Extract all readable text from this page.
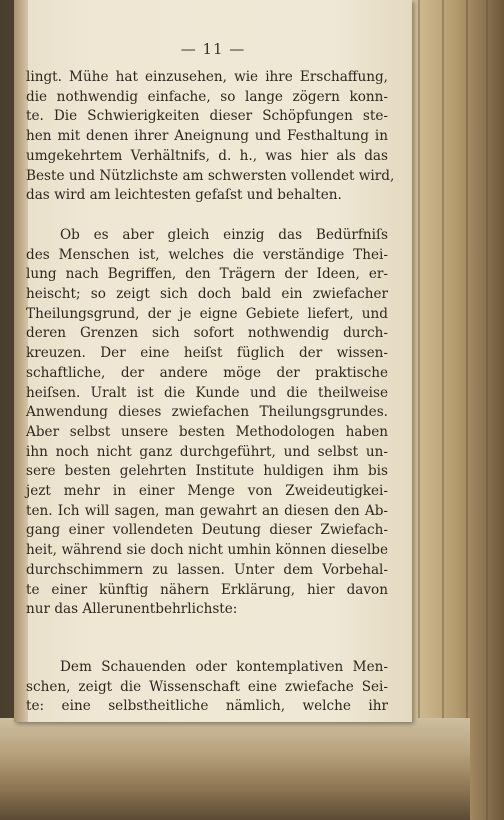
— 11 —
lingt. Mühe hat einzusehen, wie ihre Erschaffung,
die nothwendig einfache, so lange zögern konn-
te. Die Schwierigkeiten dieser Schöpfungen ste-
hen mit denen ihrer Aneignung und Festhaltung in
umgekehrtem Verhältnifs, d. h., was hier als das
Beste und Nützlichste am schwersten vollendet wird,
das wird am leichtesten gefaſst und behalten.
Ob es aber gleich einzig das Bedürfniſs
des Menschen ist, welches die verständige Thei-
lung nach Begriffen, den Trägern der Ideen, er-
heischt; so zeigt sich doch bald ein zwiefacher
Theilungsgrund, der je eigne Gebiete liefert, und
deren Grenzen sich sofort nothwendig durch-
kreuzen. Der eine heiſst füglich der wissen-
schaftliche, der andere möge der praktische
heiſsen. Uralt ist die Kunde und die theilweise
Anwendung dieses zwiefachen Theilungsgrundes.
Aber selbst unsere besten Methodologen haben
ihn noch nicht ganz durchgeführt, und selbst un-
sere besten gelehrten Institute huldigen ihm bis
jezt mehr in einer Menge von Zweideutigkei-
ten. Ich will sagen, man gewahrt an diesen den Ab-
gang einer vollendeten Deutung dieser Zwiefach-
heit, während sie doch nicht umhin können dieselbe
durchschimmern zu lassen. Unter dem Vorbehal-
te einer künftig nähern Erklärung, hier davon
nur das Allerunentbehrlichste:
Dem Schauenden oder kontemplativen Men-
schen, zeigt die Wissenschaft eine zwiefache Sei-
te: eine selbstheitliche nämlich, welche ihr
